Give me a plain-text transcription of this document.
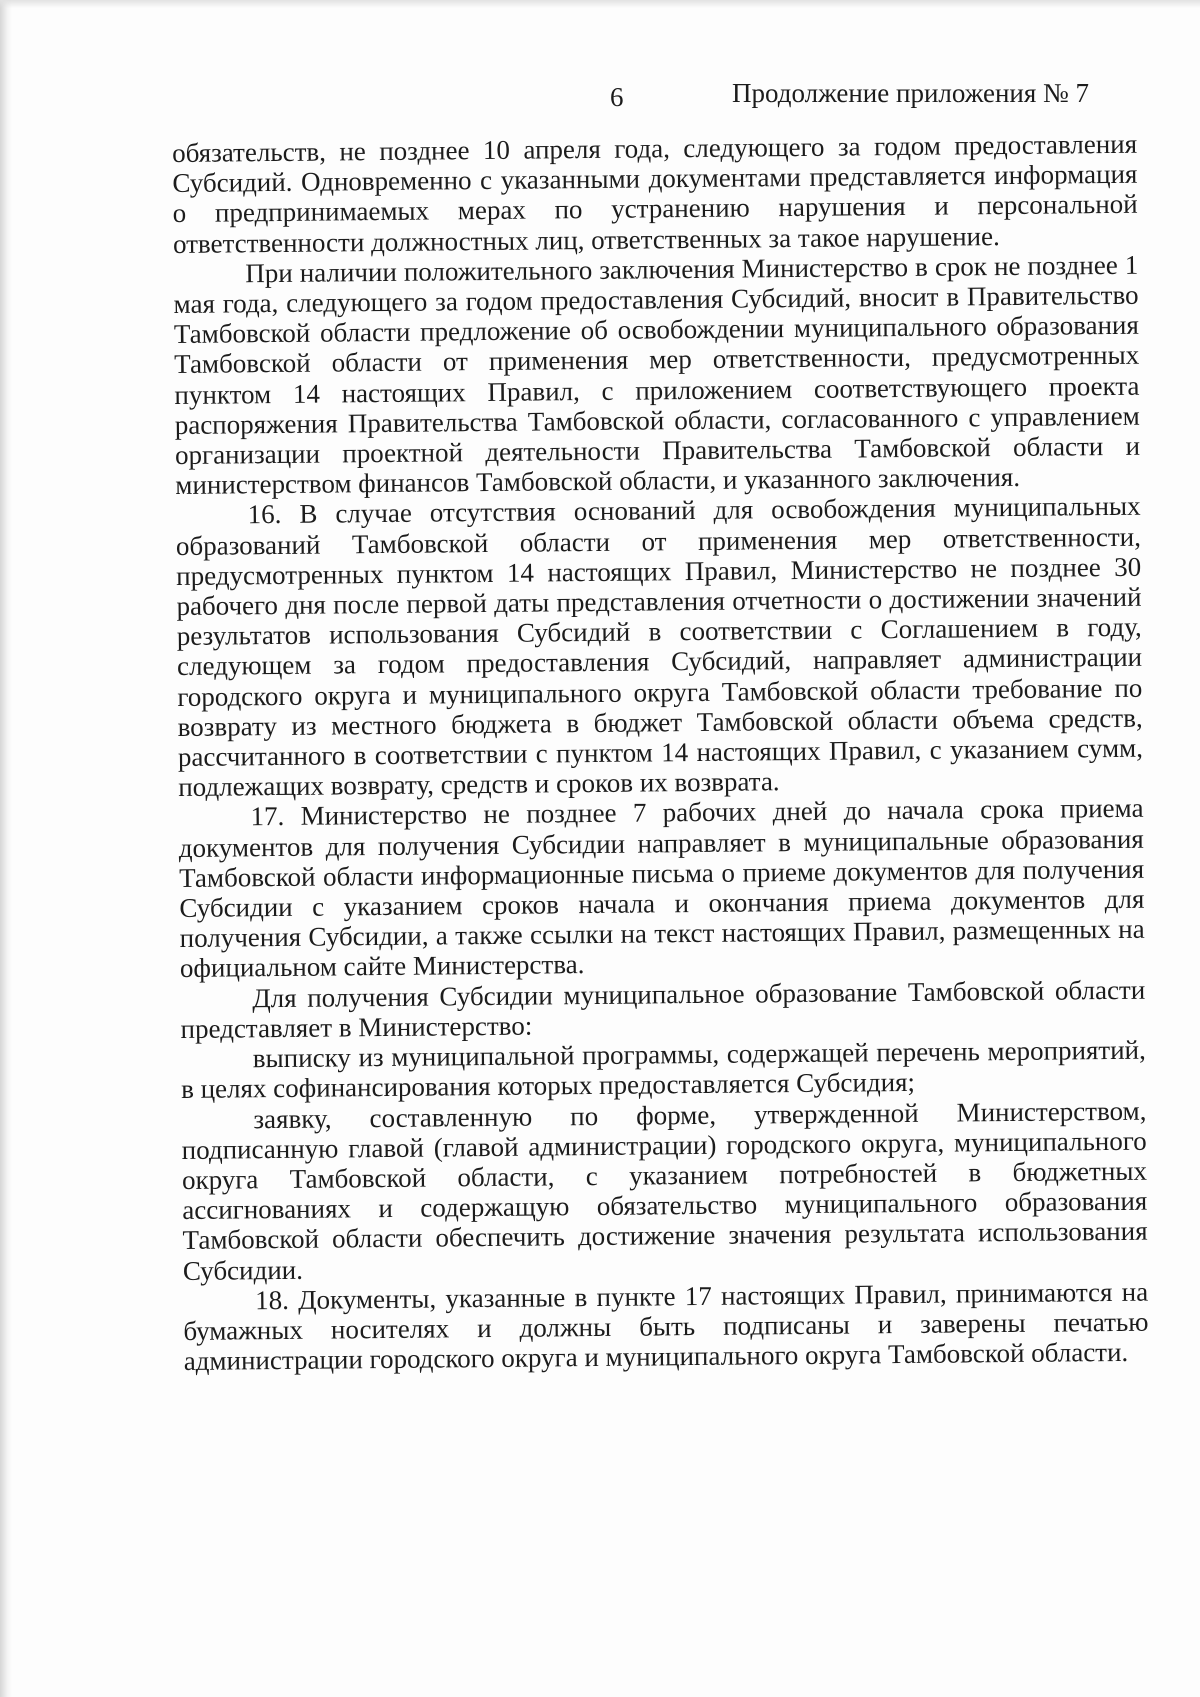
6	Продолжение приложения № 7

обязательств, не позднее 10 апреля года, следующего за годом предоставления Субсидий. Одновременно с указанными документами представляется информация о предпринимаемых мерах по устранению нарушения и персональной ответственности должностных лиц, ответственных за такое нарушение.

При наличии положительного заключения Министерство в срок не позднее 1 мая года, следующего за годом предоставления Субсидий, вносит в Правительство Тамбовской области предложение об освобождении муниципального образования Тамбовской области от применения мер ответственности, предусмотренных пунктом 14 настоящих Правил, с приложением соответствующего проекта распоряжения Правительства Тамбовской области, согласованного с управлением организации проектной деятельности Правительства Тамбовской области и министерством финансов Тамбовской области, и указанного заключения.

16. В случае отсутствия оснований для освобождения муниципальных образований Тамбовской области от применения мер ответственности, предусмотренных пунктом 14 настоящих Правил, Министерство не позднее 30 рабочего дня после первой даты представления отчетности о достижении значений результатов использования Субсидий в соответствии с Соглашением в году, следующем за годом предоставления Субсидий, направляет администрации городского округа и муниципального округа Тамбовской области требование по возврату из местного бюджета в бюджет Тамбовской области объема средств, рассчитанного в соответствии с пунктом 14 настоящих Правил, с указанием сумм, подлежащих возврату, средств и сроков их возврата.

17. Министерство не позднее 7 рабочих дней до начала срока приема документов для получения Субсидии направляет в муниципальные образования Тамбовской области информационные письма о приеме документов для получения Субсидии с указанием сроков начала и окончания приема документов для получения Субсидии, а также ссылки на текст настоящих Правил, размещенных на официальном сайте Министерства.

Для получения Субсидии муниципальное образование Тамбовской области представляет в Министерство:

выписку из муниципальной программы, содержащей перечень мероприятий, в целях софинансирования которых предоставляется Субсидия;

заявку, составленную по форме, утвержденной Министерством, подписанную главой (главой администрации) городского округа, муниципального округа Тамбовской области, с указанием потребностей в бюджетных ассигнованиях и содержащую обязательство муниципального образования Тамбовской области обеспечить достижение значения результата использования Субсидии.

18. Документы, указанные в пункте 17 настоящих Правил, принимаются на бумажных носителях и должны быть подписаны и заверены печатью администрации городского округа и муниципального округа Тамбовской области.
